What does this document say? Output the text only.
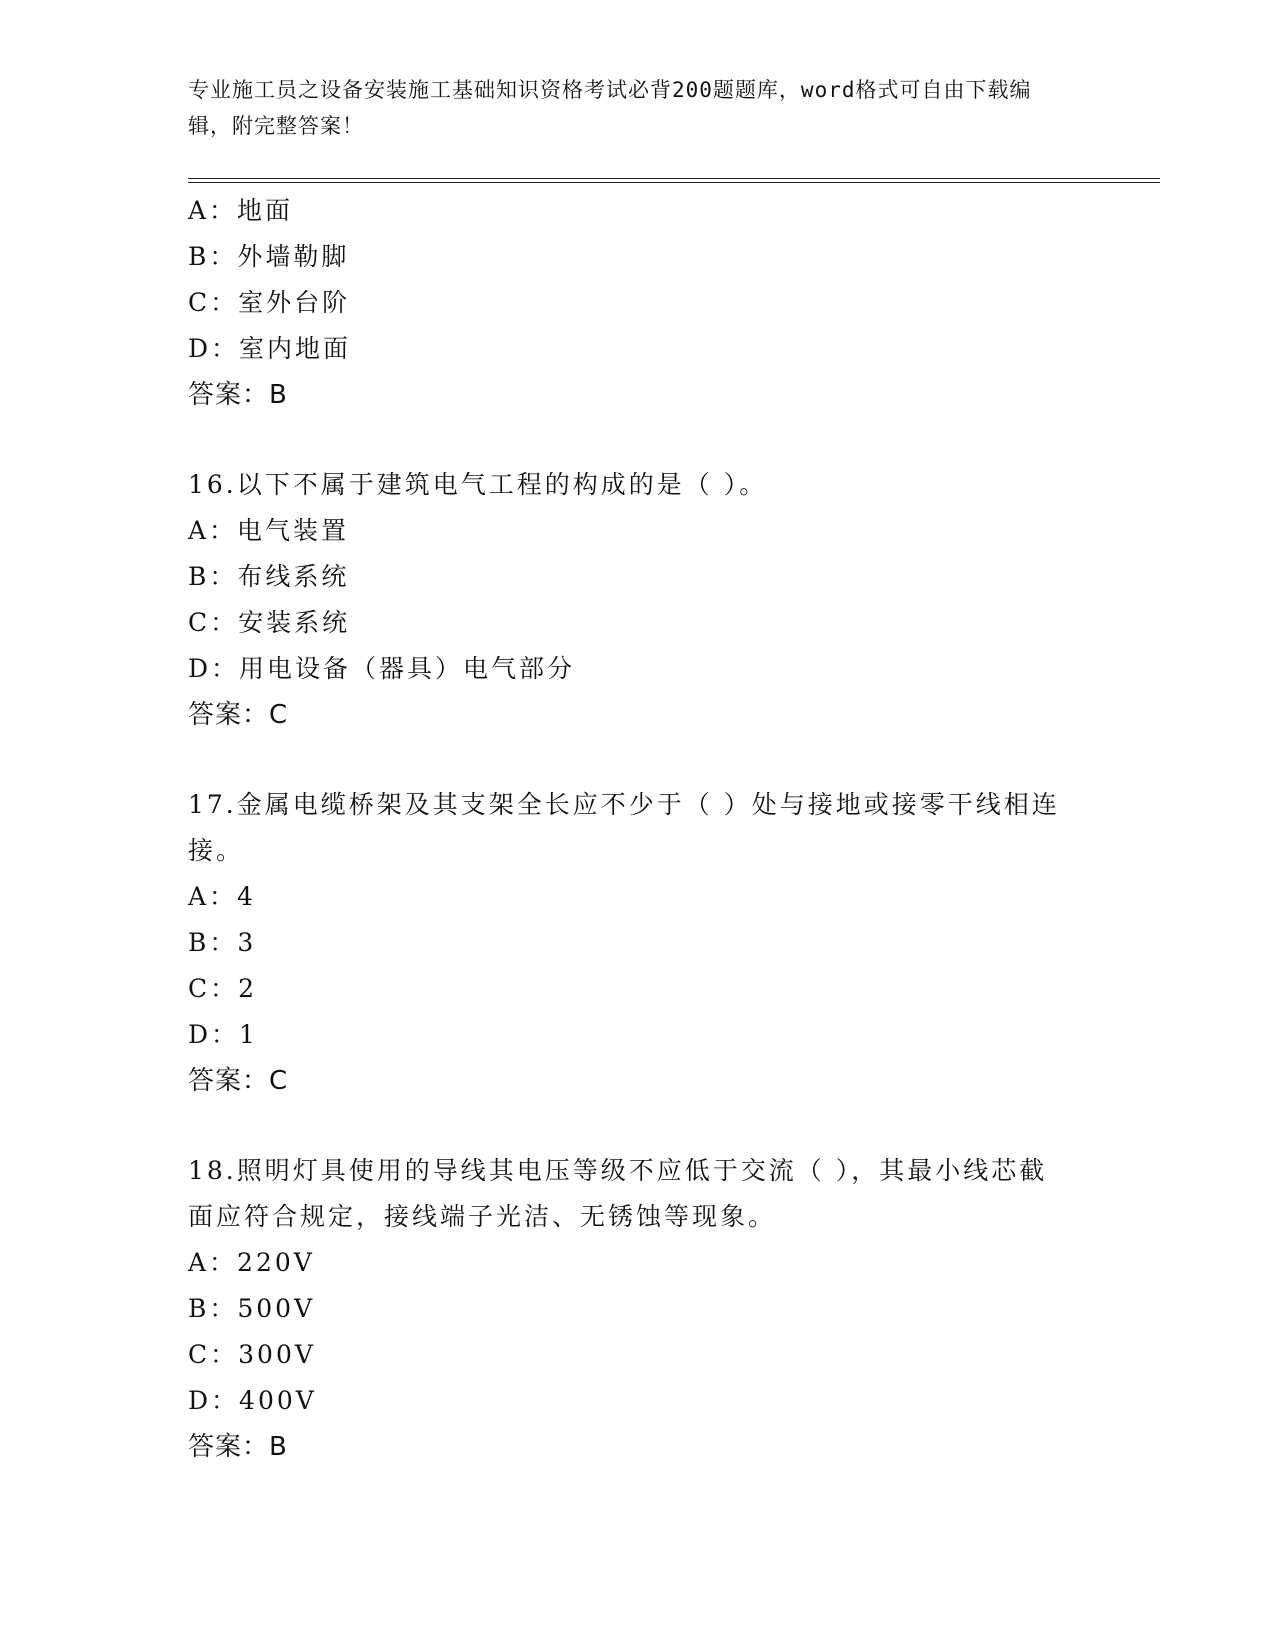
专业施工员之设备安装施工基础知识资格考试必背200题题库，word格式可自由下载编辑，附完整答案！
A：地面
B：外墙勒脚
C：室外台阶
D：室内地面
答案：B
16.以下不属于建筑电气工程的构成的是（ ）。
A：电气装置
B：布线系统
C：安装系统
D：用电设备（器具）电气部分
答案：C
17.金属电缆桥架及其支架全长应不少于（ ）处与接地或接零干线相连接。
A：4
B：3
C：2
D：1
答案：C
18.照明灯具使用的导线其电压等级不应低于交流（ ），其最小线芯截面应符合规定，接线端子光洁、无锈蚀等现象。
A：220V
B：500V
C：300V
D：400V
答案：B
